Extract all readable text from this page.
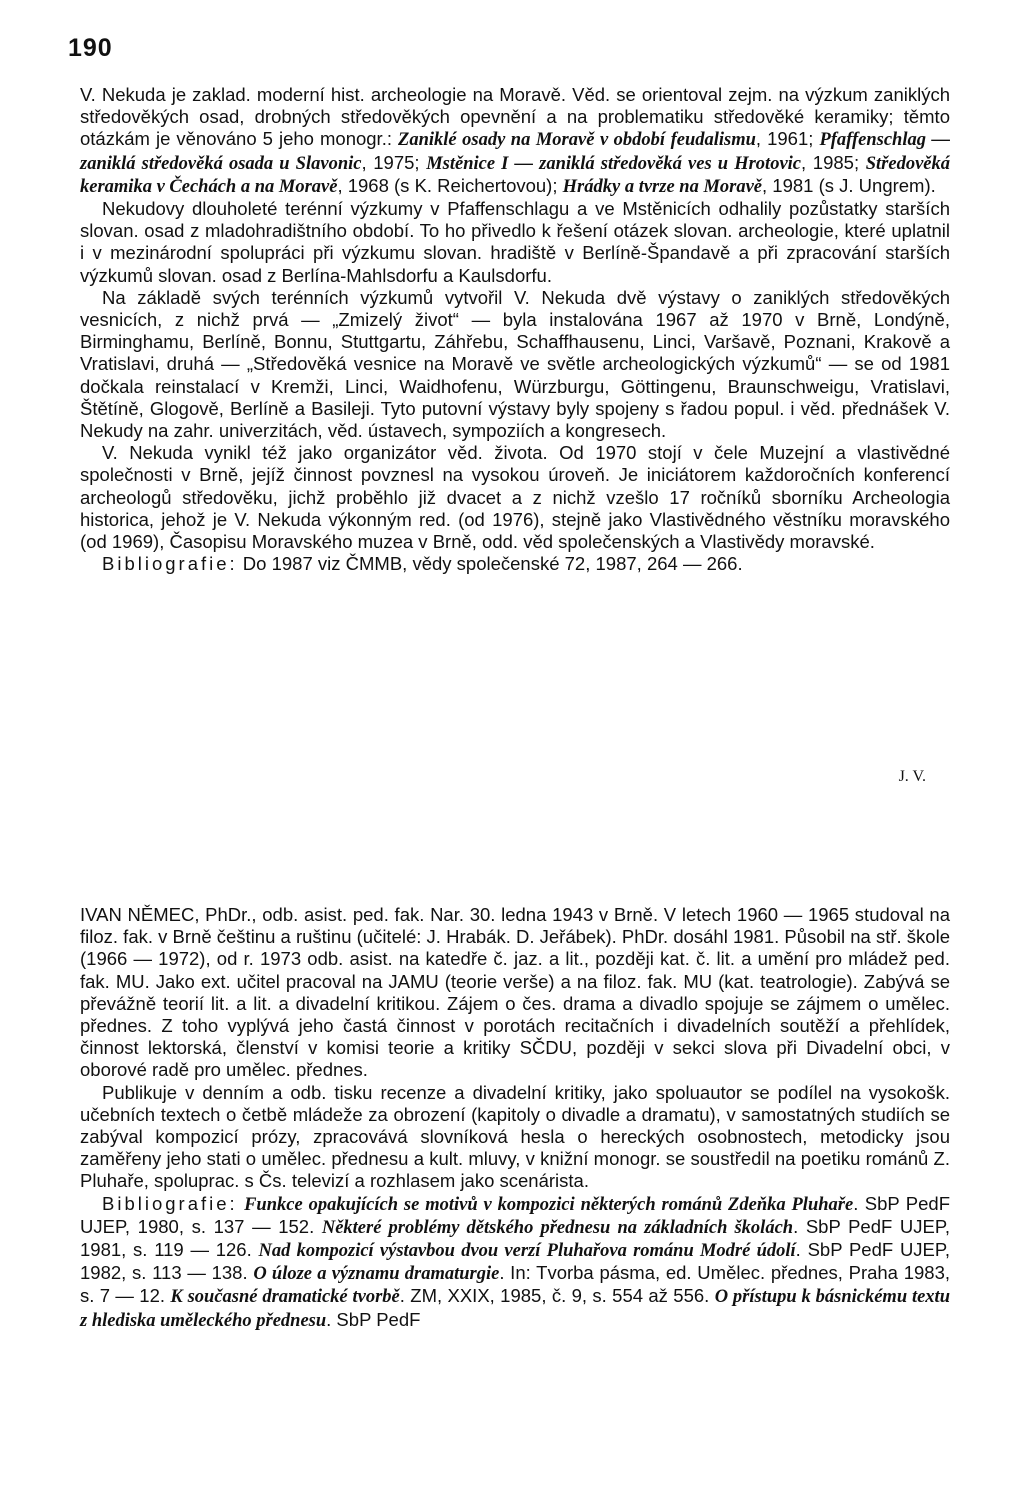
190

V. Nekuda je zaklad. moderní hist. archeologie na Moravě. Věd. se orientoval zejm. na výzkum zaniklých středověkých osad, drobných středověkých opevnění a na problematiku středověké keramiky; těmto otázkám je věnováno 5 jeho monogr.: Zaniklé osady na Moravě v období feudalismu, 1961; Pfaffenschlag — zaniklá středověká osada u Slavonic, 1975; Mstěnice I — zaniklá středověká ves u Hrotovic, 1985; Středověká keramika v Čechách a na Moravě, 1968 (s K. Reichertovou); Hrádky a tvrze na Moravě, 1981 (s J. Ungrem).

Nekudovy dlouholeté terénní výzkumy v Pfaffenschlagu a ve Mstěnicích odhalily pozůstatky starších slovan. osad z mladohradištního období. To ho přivedlo k řešení otázek slovan. archeologie, které uplatnil i v mezinárodní spolupráci při výzkumu slovan. hradiště v Berlíně-Špandavě a při zpracování starších výzkumů slovan. osad z Berlína-Mahlsdorfu a Kaulsdorfu.

Na základě svých terénních výzkumů vytvořil V. Nekuda dvě výstavy o zaniklých středověkých vesnicích, z nichž prvá — „Zmizelý život“ — byla instalována 1967 až 1970 v Brně, Londýně, Birminghamu, Berlíně, Bonnu, Stuttgartu, Záhřebu, Schaffhausenu, Linci, Varšavě, Poznani, Krakově a Vratislavi, druhá — „Středověká vesnice na Moravě ve světle archeologických výzkumů“ — se od 1981 dočkala reinstalací v Kremži, Linci, Waidhofenu, Würzburgu, Göttingenu, Braunschweigu, Vratislavi, Štětíně, Glogově, Berlíně a Basileji. Tyto putovní výstavy byly spojeny s řadou popul. i věd. přednášek V. Nekudy na zahr. univerzitách, věd. ústavech, sympoziích a kongresech.

V. Nekuda vynikl též jako organizátor věd. života. Od 1970 stojí v čele Muzejní a vlastivědné společnosti v Brně, jejíž činnost povznesl na vysokou úroveň. Je iniciátorem každoročních konferencí archeologů středověku, jichž proběhlo již dvacet a z nichž vzešlo 17 ročníků sborníku Archeologia historica, jehož je V. Nekuda výkonným red. (od 1976), stejně jako Vlastivědného věstníku moravského (od 1969), Časopisu Moravského muzea v Brně, odd. věd společenských a Vlastivědy moravské.

Bibliografie: Do 1987 viz ČMMB, vědy společenské 72, 1987, 264 — 266.

J. V.

IVAN NĚMEC, PhDr., odb. asist. ped. fak. Nar. 30. ledna 1943 v Brně. V letech 1960 — 1965 studoval na filoz. fak. v Brně češtinu a ruštinu (učitelé: J. Hrabák. D. Jeřábek). PhDr. dosáhl 1981. Působil na stř. škole (1966 — 1972), od r. 1973 odb. asist. na katedře č. jaz. a lit., později kat. č. lit. a umění pro mládež ped. fak. MU. Jako ext. učitel pracoval na JAMU (teorie verše) a na filoz. fak. MU (kat. teatrologie). Zabývá se převážně teorií lit. a lit. a divadelní kritikou. Zájem o čes. drama a divadlo spojuje se zájmem o umělec. přednes. Z toho vyplývá jeho častá činnost v porotách recitačních i divadelních soutěží a přehlídek, činnost lektorská, členství v komisi teorie a kritiky SČDU, později v sekci slova při Divadelní obci, v oborové radě pro umělec. přednes.

Publikuje v denním a odb. tisku recenze a divadelní kritiky, jako spoluautor se podílel na vysokošk. učebních textech o četbě mládeže za obrození (kapitoly o divadle a dramatu), v samostatných studiích se zabýval kompozicí prózy, zpracovává slovníková hesla o hereckých osobnostech, metodicky jsou zaměřeny jeho stati o umělec. přednesu a kult. mluvy, v knižní monogr. se soustředil na poetiku románů Z. Pluhaře, spoluprac. s Čs. televizí a rozhlasem jako scenárista.

Bibliografie: Funkce opakujících se motivů v kompozici některých románů Zdeňka Pluhaře. SbP PedF UJEP, 1980, s. 137 — 152. Některé problémy dětského přednesu na základních školách. SbP PedF UJEP, 1981, s. 119 — 126. Nad kompozicí výstavbou dvou verzí Pluhařova románu Modré údolí. SbP PedF UJEP, 1982, s. 113 — 138. O úloze a významu dramaturgie. In: Tvorba pásma, ed. Umělec. přednes, Praha 1983, s. 7 — 12. K současné dramatické tvorbě. ZM, XXIX, 1985, č. 9, s. 554 až 556. O přístupu k básnickému textu z hlediska uměleckého přednesu. SbP PedF
